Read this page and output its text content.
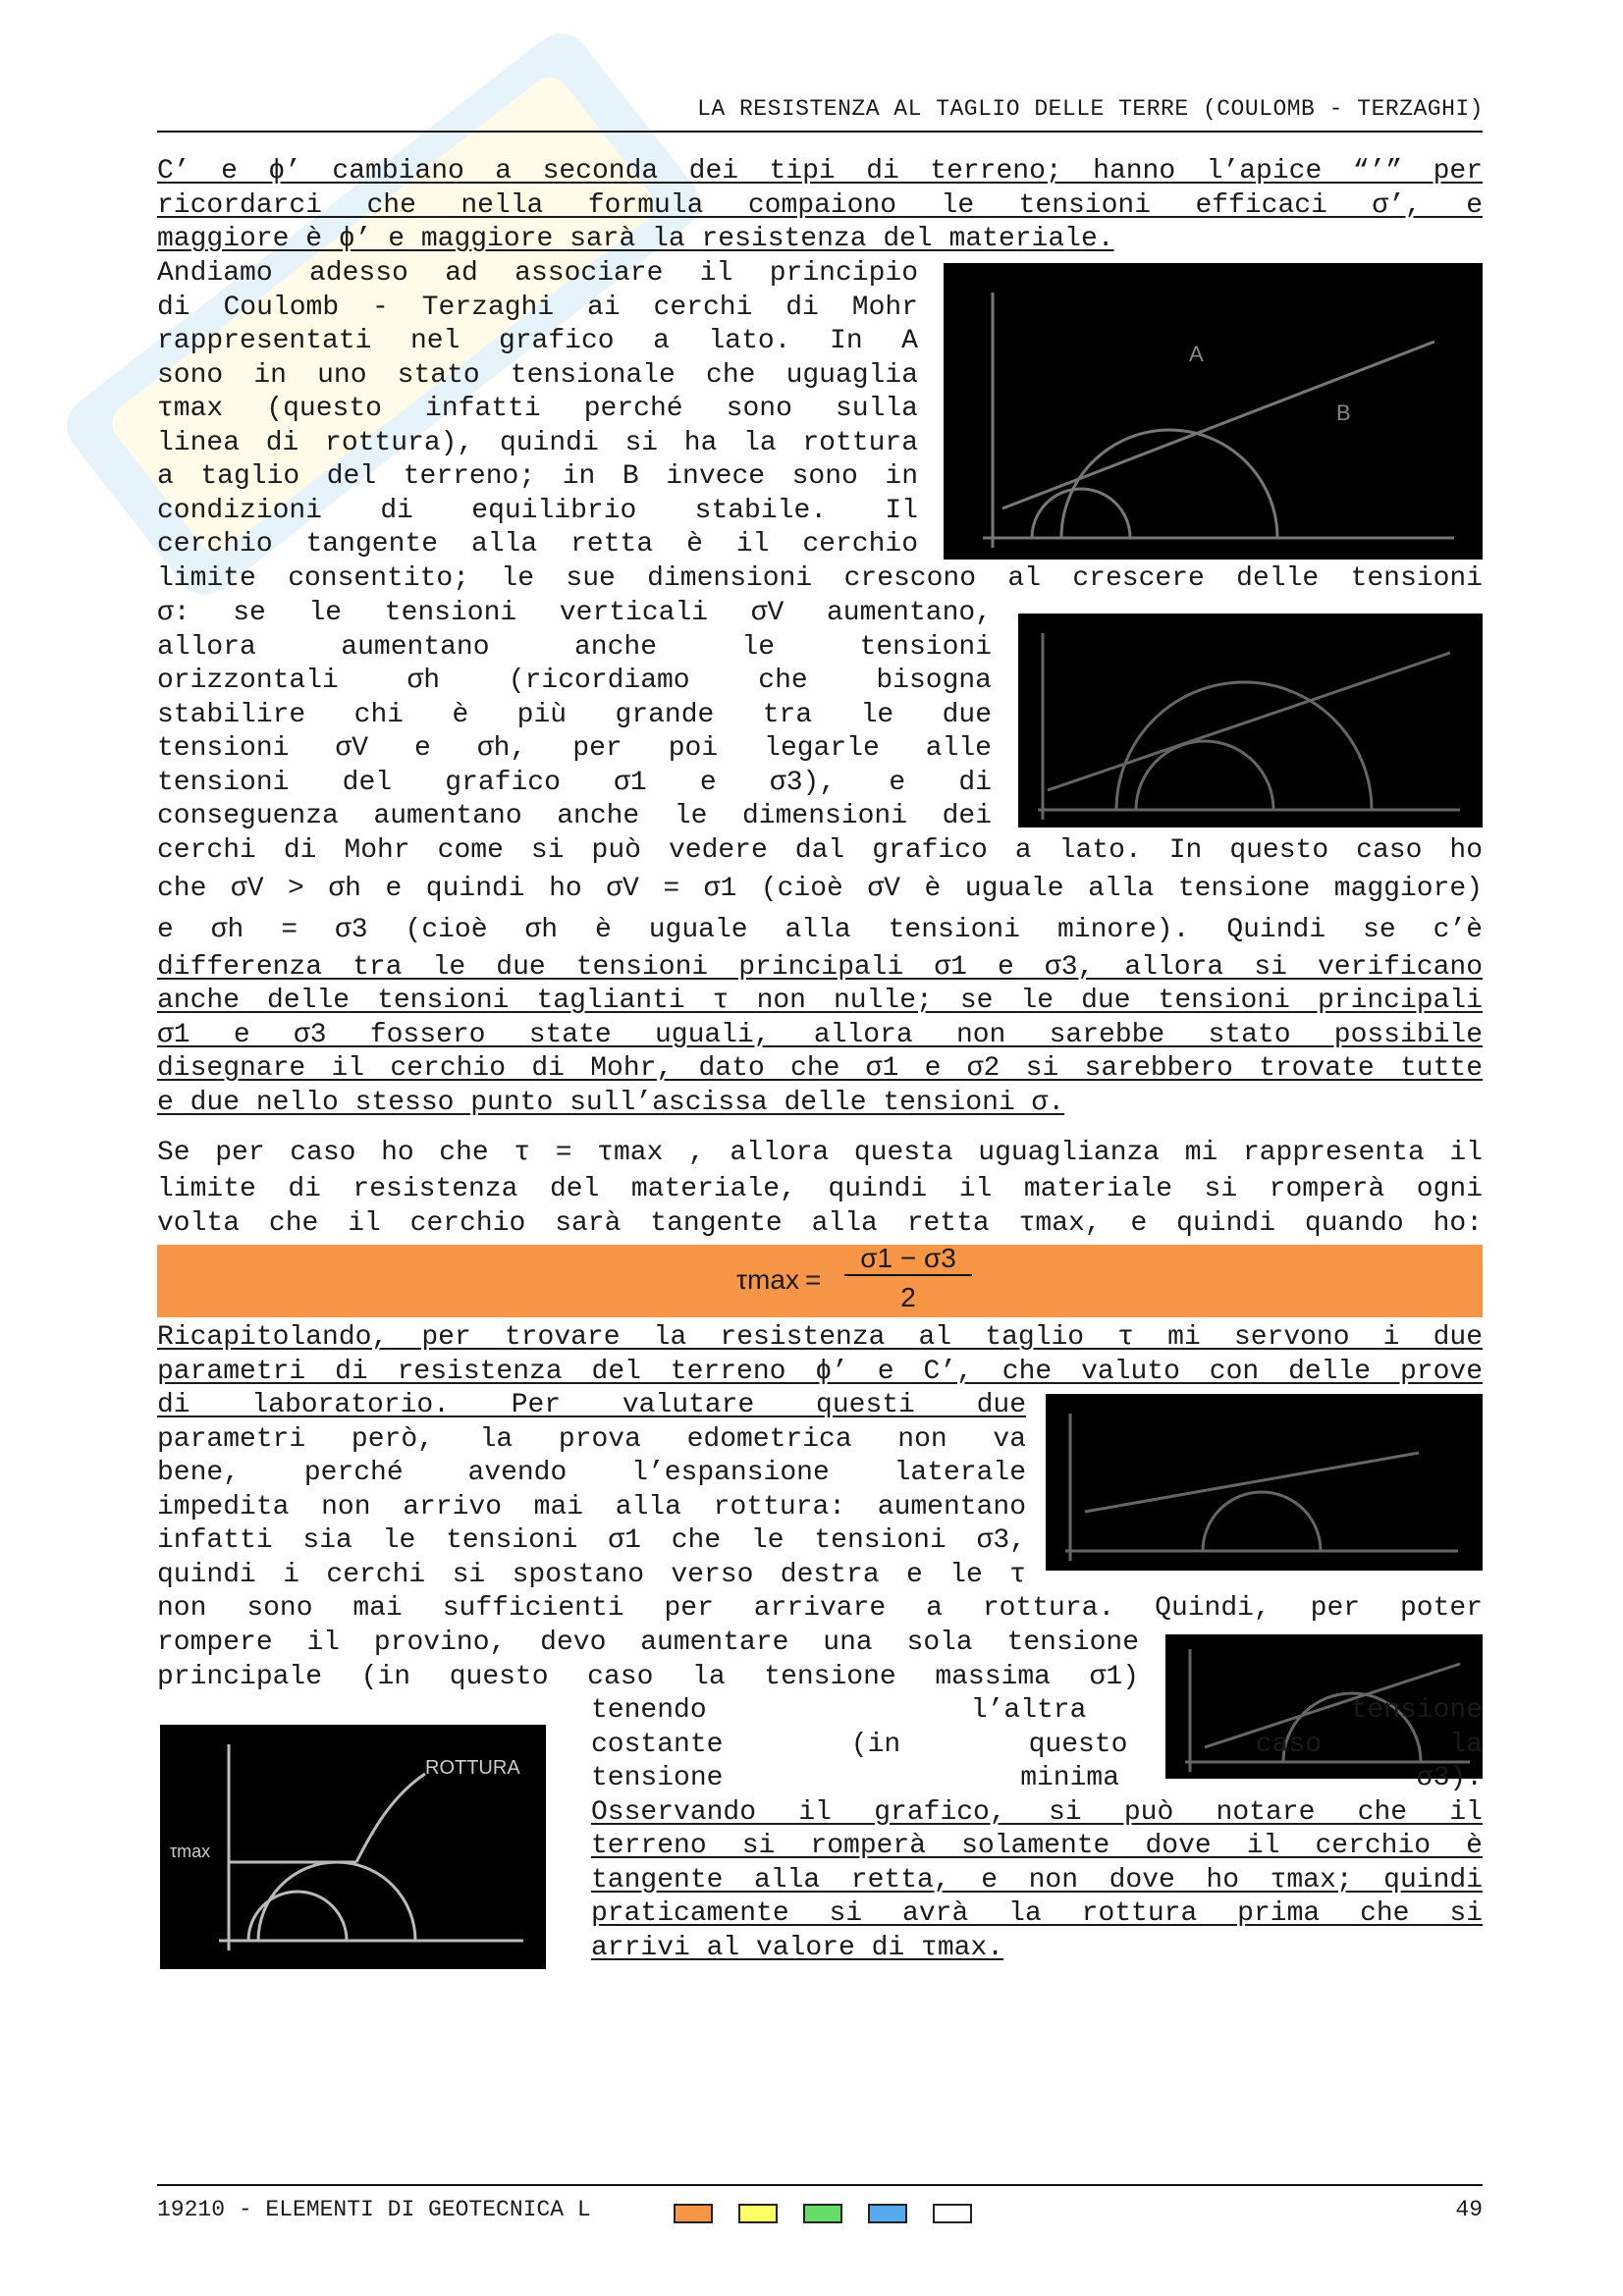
LA RESISTENZA AL TAGLIO DELLE TERRE (COULOMB - TERZAGHI)
C’ e ϕ’ cambiano a seconda dei tipi di terreno; hanno l’apice “’” per
ricordarci che nella formula compaiono le tensioni efficaci σ’, e
maggiore è ϕ’ e maggiore sarà la resistenza del materiale.
A
B
Andiamo adesso ad associare il principio
di Coulomb - Terzaghi ai cerchi di Mohr
rappresentati nel grafico a lato. In A
sono in uno stato tensionale che uguaglia
τmax (questo infatti perché sono sulla
linea di rottura), quindi si ha la rottura
a taglio del terreno; in B invece sono in
condizioni di equilibrio stabile. Il
cerchio tangente alla retta è il cerchio
limite consentito; le sue dimensioni crescono al crescere delle tensioni
σ: se le tensioni verticali σV aumentano,
allora aumentano anche le tensioni
orizzontali σh (ricordiamo che bisogna
stabilire chi è più grande tra le due
tensioni σV e σh, per poi legarle alle
tensioni del grafico σ1 e σ3), e di
conseguenza aumentano anche le dimensioni dei
cerchi di Mohr come si può vedere dal grafico a lato. In questo caso ho
che σV > σh e quindi ho σV = σ1 (cioè σV è uguale alla tensione maggiore)
e σh = σ3 (cioè σh è uguale alla tensioni minore). Quindi se c’è
differenza tra le due tensioni principali σ1 e σ3, allora si verificano
anche delle tensioni taglianti τ non nulle; se le due tensioni principali
σ1 e σ3 fossero state uguali, allora non sarebbe stato possibile
disegnare il cerchio di Mohr, dato che σ1 e σ2 si sarebbero trovate tutte
e due nello stesso punto sull’ascissa delle tensioni σ.
Se per caso ho che τ = τmax , allora questa uguaglianza mi rappresenta il
limite di resistenza del materiale, quindi il materiale si romperà ogni
volta che il cerchio sarà tangente alla retta τmax, e quindi quando ho:
τmax =
σ1 − σ3
2
Ricapitolando, per trovare la resistenza al taglio τ mi servono i due
parametri di resistenza del terreno ϕ’ e C’, che valuto con delle prove
di laboratorio. Per valutare questi due
parametri però, la prova edometrica non va
bene, perché avendo l’espansione laterale
impedita non arrivo mai alla rottura: aumentano
infatti sia le tensioni σ1 che le tensioni σ3,
quindi i cerchi si spostano verso destra e le τ
non sono mai sufficienti per arrivare a rottura. Quindi, per poter
rompere il provino, devo aumentare una sola tensione
principale (in questo caso la tensione massima σ1)
ROTTURA
τmax
tenendo l’altra tensione
costante (in questo caso la
tensione minima σ3).
Osservando il grafico, si può notare che il
terreno si romperà solamente dove il cerchio è
tangente alla retta, e non dove ho τmax; quindi
praticamente si avrà la rottura prima che si
arrivi al valore di τmax.
19210 - ELEMENTI DI GEOTECNICA L	49
